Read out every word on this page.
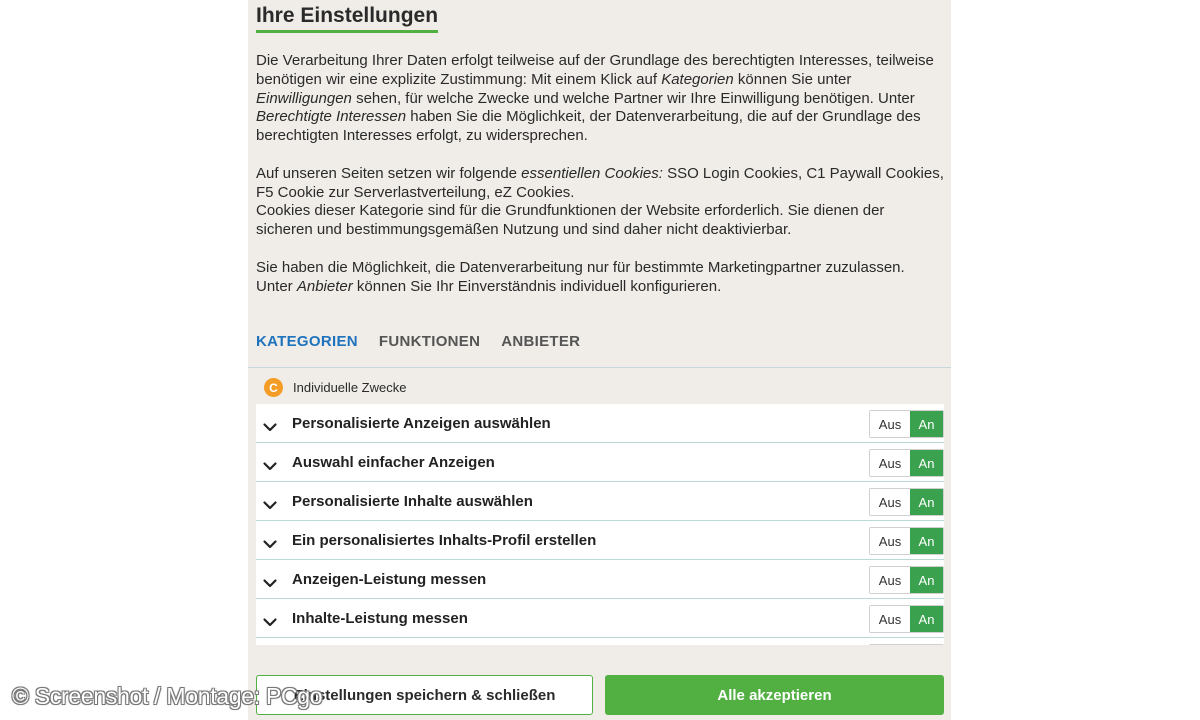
Ihre Einstellungen

Die Verarbeitung Ihrer Daten erfolgt teilweise auf der Grundlage des berechtigten Interesses, teilweise benötigen wir eine explizite Zustimmung: Mit einem Klick auf Kategorien können Sie unter Einwilligungen sehen, für welche Zwecke und welche Partner wir Ihre Einwilligung benötigen. Unter Berechtigte Interessen haben Sie die Möglichkeit, der Datenverarbeitung, die auf der Grundlage des berechtigten Interesses erfolgt, zu widersprechen.

Auf unseren Seiten setzen wir folgende essentiellen Cookies: SSO Login Cookies, C1 Paywall Cookies, F5 Cookie zur Serverlastverteilung, eZ Cookies.
Cookies dieser Kategorie sind für die Grundfunktionen der Website erforderlich. Sie dienen der sicheren und bestimmungsgemäßen Nutzung und sind daher nicht deaktivierbar.

Sie haben die Möglichkeit, die Datenverarbeitung nur für bestimmte Marketingpartner zuzulassen. Unter Anbieter können Sie Ihr Einverständnis individuell konfigurieren.

KATEGORIEN FUNKTIONEN ANBIETER
C	Individuelle Zwecke
Personalisierte Anzeigen auswählen	Aus	An
Auswahl einfacher Anzeigen	Aus	An
Personalisierte Inhalte auswählen	Aus	An
Ein personalisiertes Inhalts-Profil erstellen	Aus	An
Anzeigen-Leistung messen	Aus	An
Inhalte-Leistung messen	Aus	An
Einstellungen speichern & schließen	Alle akzeptieren
© Screenshot / Montage: PCgo
